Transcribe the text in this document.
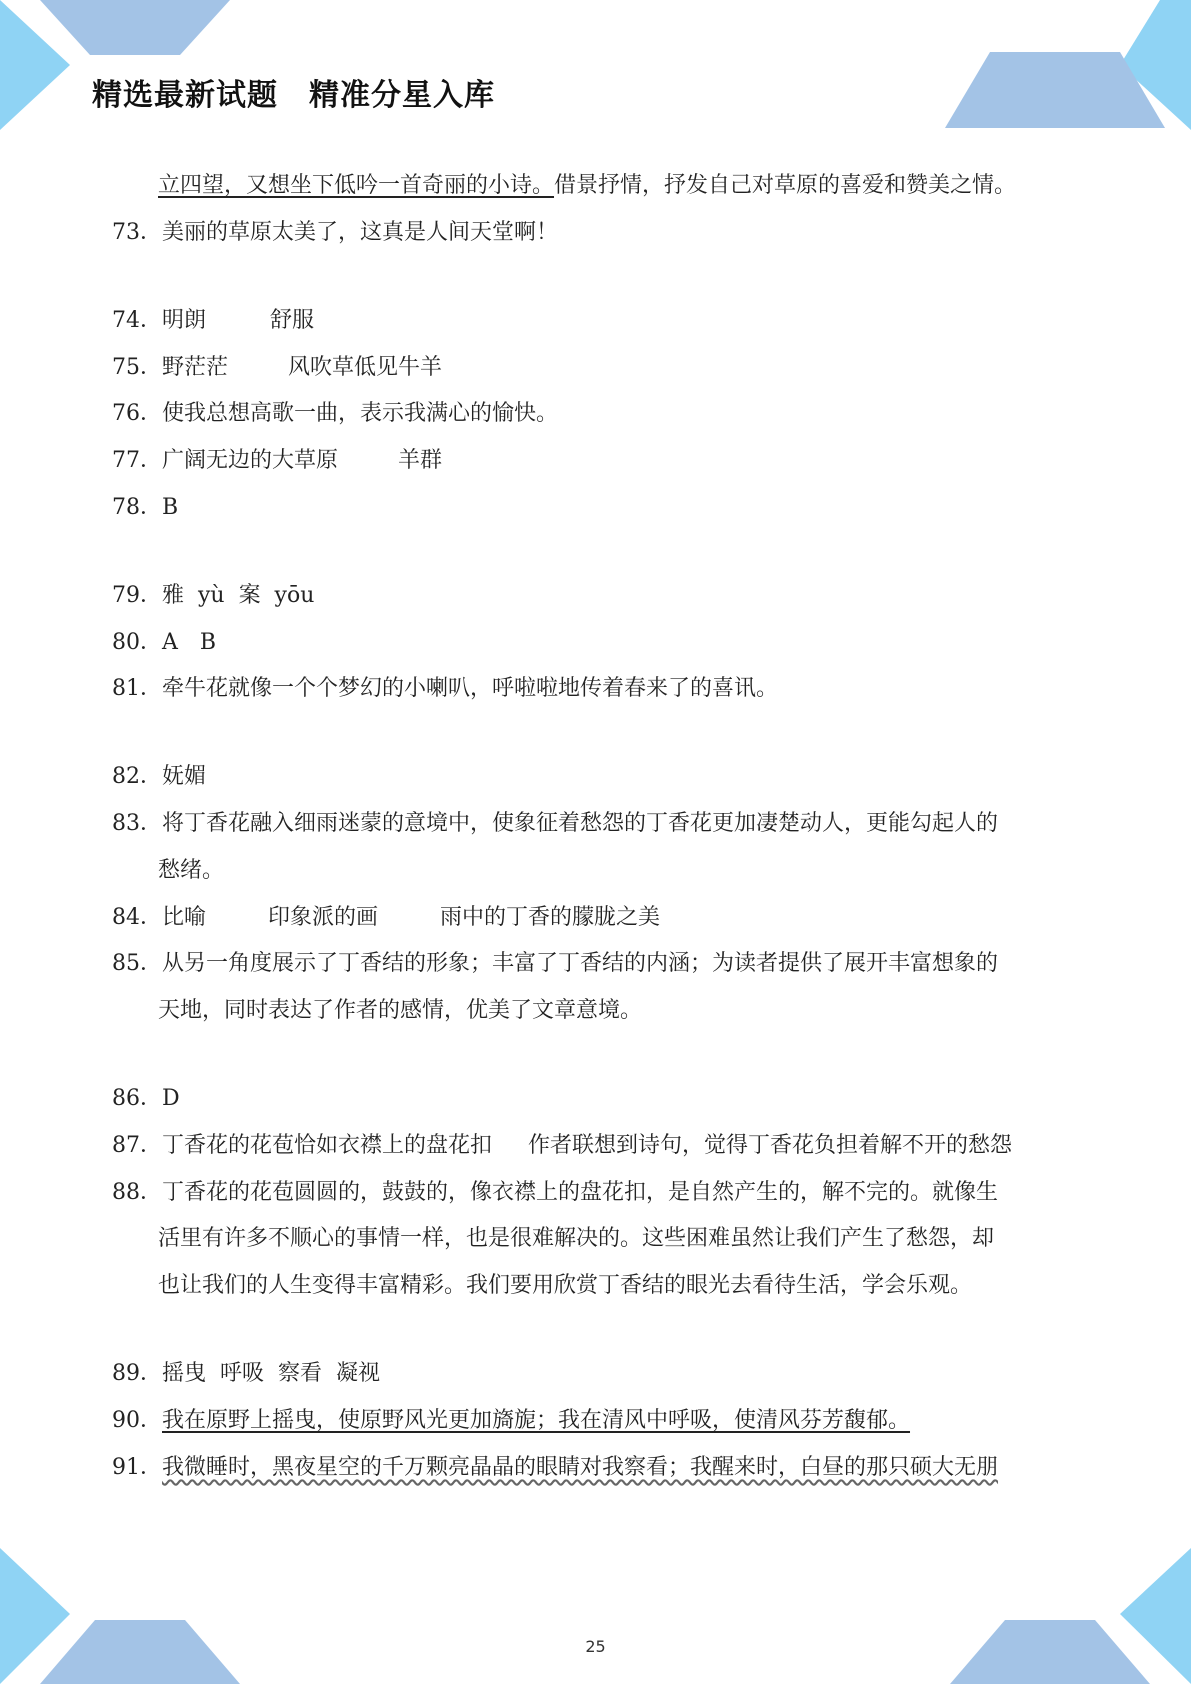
精选最新试题　精准分星入库
立四望，又想坐下低吟一首奇丽的小诗。借景抒情，抒发自己对草原的喜爱和赞美之情。
73．美丽的草原太美了，这真是人间天堂啊！
74．明朗	舒服
75．野茫茫	风吹草低见牛羊
76．使我总想高歌一曲，表示我满心的愉快。
77．广阔无边的大草原	羊群
78．B
79．雅  yù  案  yōu
80．A　B
81．牵牛花就像一个个梦幻的小喇叭，呼啦啦地传着春来了的喜讯。
82．妩媚
83．将丁香花融入细雨迷蒙的意境中，使象征着愁怨的丁香花更加凄楚动人，更能勾起人的
愁绪。
84．比喻	印象派的画	雨中的丁香的朦胧之美
85．从另一角度展示了丁香结的形象；丰富了丁香结的内涵；为读者提供了展开丰富想象的
天地，同时表达了作者的感情，优美了文章意境。
86．D
87．丁香花的花苞恰如衣襟上的盘花扣 作者联想到诗句，觉得丁香花负担着解不开的愁怨
88．丁香花的花苞圆圆的，鼓鼓的，像衣襟上的盘花扣，是自然产生的，解不完的。就像生
活里有许多不顺心的事情一样，也是很难解决的。这些困难虽然让我们产生了愁怨，却
也让我们的人生变得丰富精彩。我们要用欣赏丁香结的眼光去看待生活，学会乐观。
89．摇曳  呼吸  察看  凝视
90．我在原野上摇曳，使原野风光更加旖旎；我在清风中呼吸，使清风芬芳馥郁。
91．我微睡时，黑夜星空的千万颗亮晶晶的眼睛对我察看；我醒来时，白昼的那只硕大无朋
25
